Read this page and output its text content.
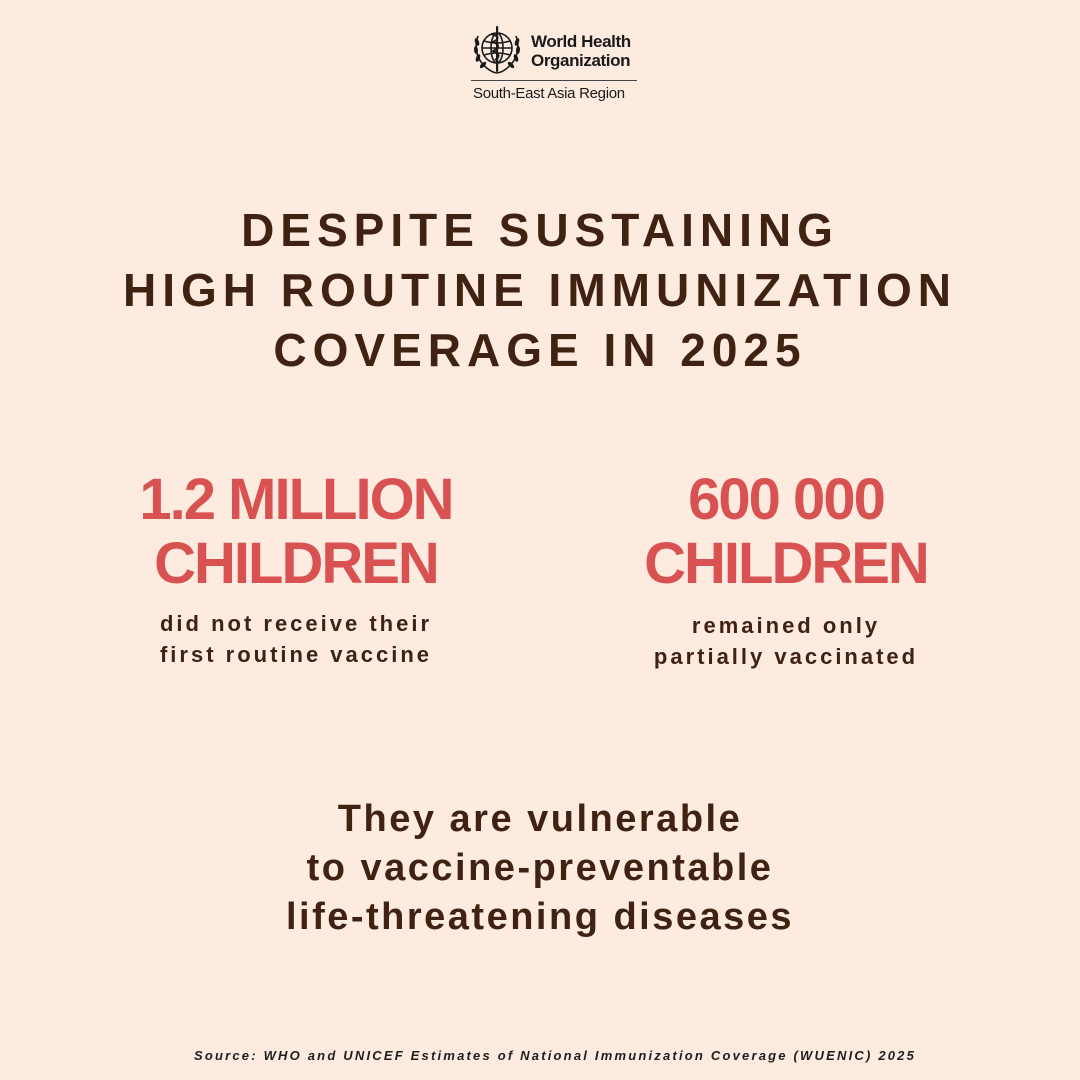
World Health
Organization
South-East Asia Region
DESPITE SUSTAINING
HIGH ROUTINE IMMUNIZATION
COVERAGE IN 2025
1.2 MILLION
CHILDREN
did not receive their
first routine vaccine
600 000
CHILDREN
remained only
partially vaccinated
They are vulnerable
to vaccine-preventable
life-threatening diseases
Source: WHO and UNICEF Estimates of National Immunization Coverage (WUENIC) 2025
